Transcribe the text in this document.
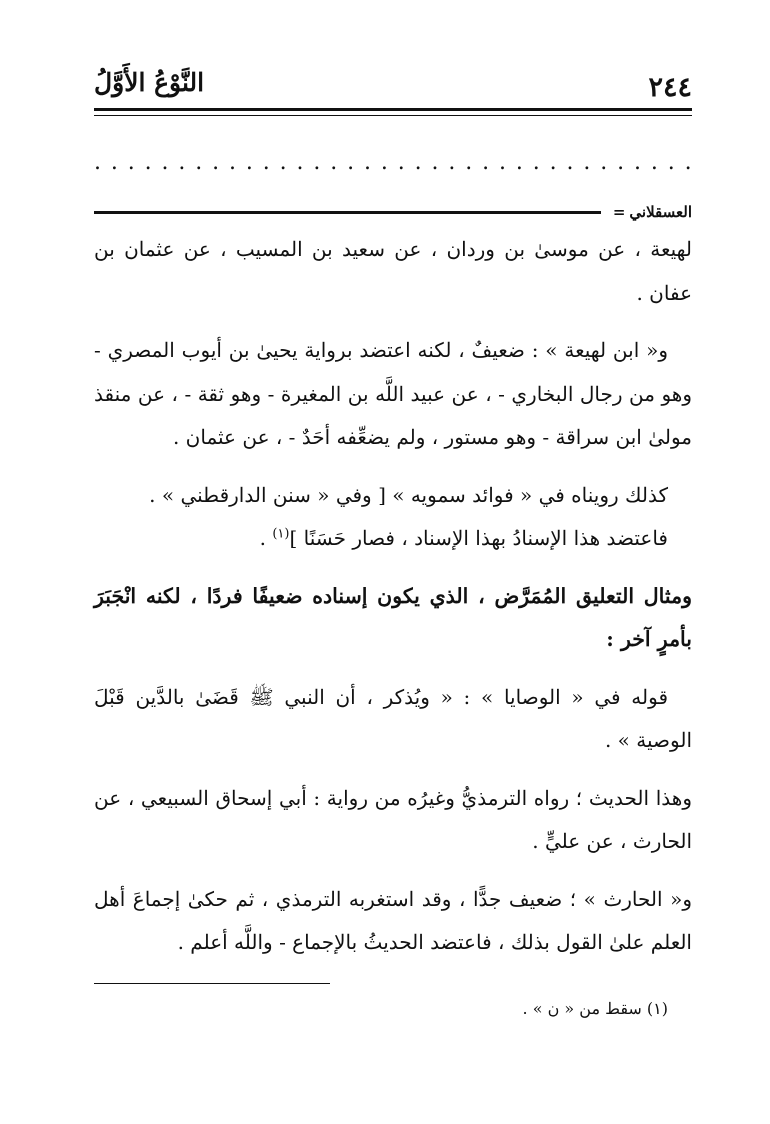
٢٤٤
النَّوْعُ الأَوَّلُ
. . . . . . . . . . . . . . . . . . . . . . . . . . . . . . . . . . . .
العسقلاني
=

لهيعة ، عن موسىٰ بن وردان ، عن سعيد بن المسيب ، عن عثمان بن عفان .

و« ابن لهيعة » : ضعيفٌ ، لكنه اعتضد برواية يحيىٰ بن أيوب المصري - وهو من رجال البخاري - ، عن عبيد اللَّه بن المغيرة - وهو ثقة - ، عن منقذ مولىٰ ابن سراقة - وهو مستور ، ولم يضعِّفه أحَدٌ - ، عن عثمان .

كذلك رويناه في « فوائد سمويه » [ وفي « سنن الدارقطني » .

فاعتضد هذا الإسنادُ بهذا الإسناد ، فصار حَسَنًا ]$^{(١)}$ .

ومثال التعليق المُمَرَّض ، الذي يكون إسناده ضعيفًا فردًا ، لكنه انْجَبَرَ بأمرٍ آخر :

قوله في « الوصايا » : « ويُذكر ، أن النبي ﷺ قَضَىٰ بالدَّين قَبْلَ الوصية » .

وهذا الحديث ؛ رواه الترمذيُّ وغيرُه من رواية : أبي إسحاق السبيعي ، عن الحارث ، عن عليٍّ .

و« الحارث » ؛ ضعيف جدًّا ، وقد استغربه الترمذي ، ثم حكىٰ إجماعَ أهل العلم علىٰ القول بذلك ، فاعتضد الحديثُ بالإجماع - واللَّه أعلم .

(١) سقط من « ن » .
